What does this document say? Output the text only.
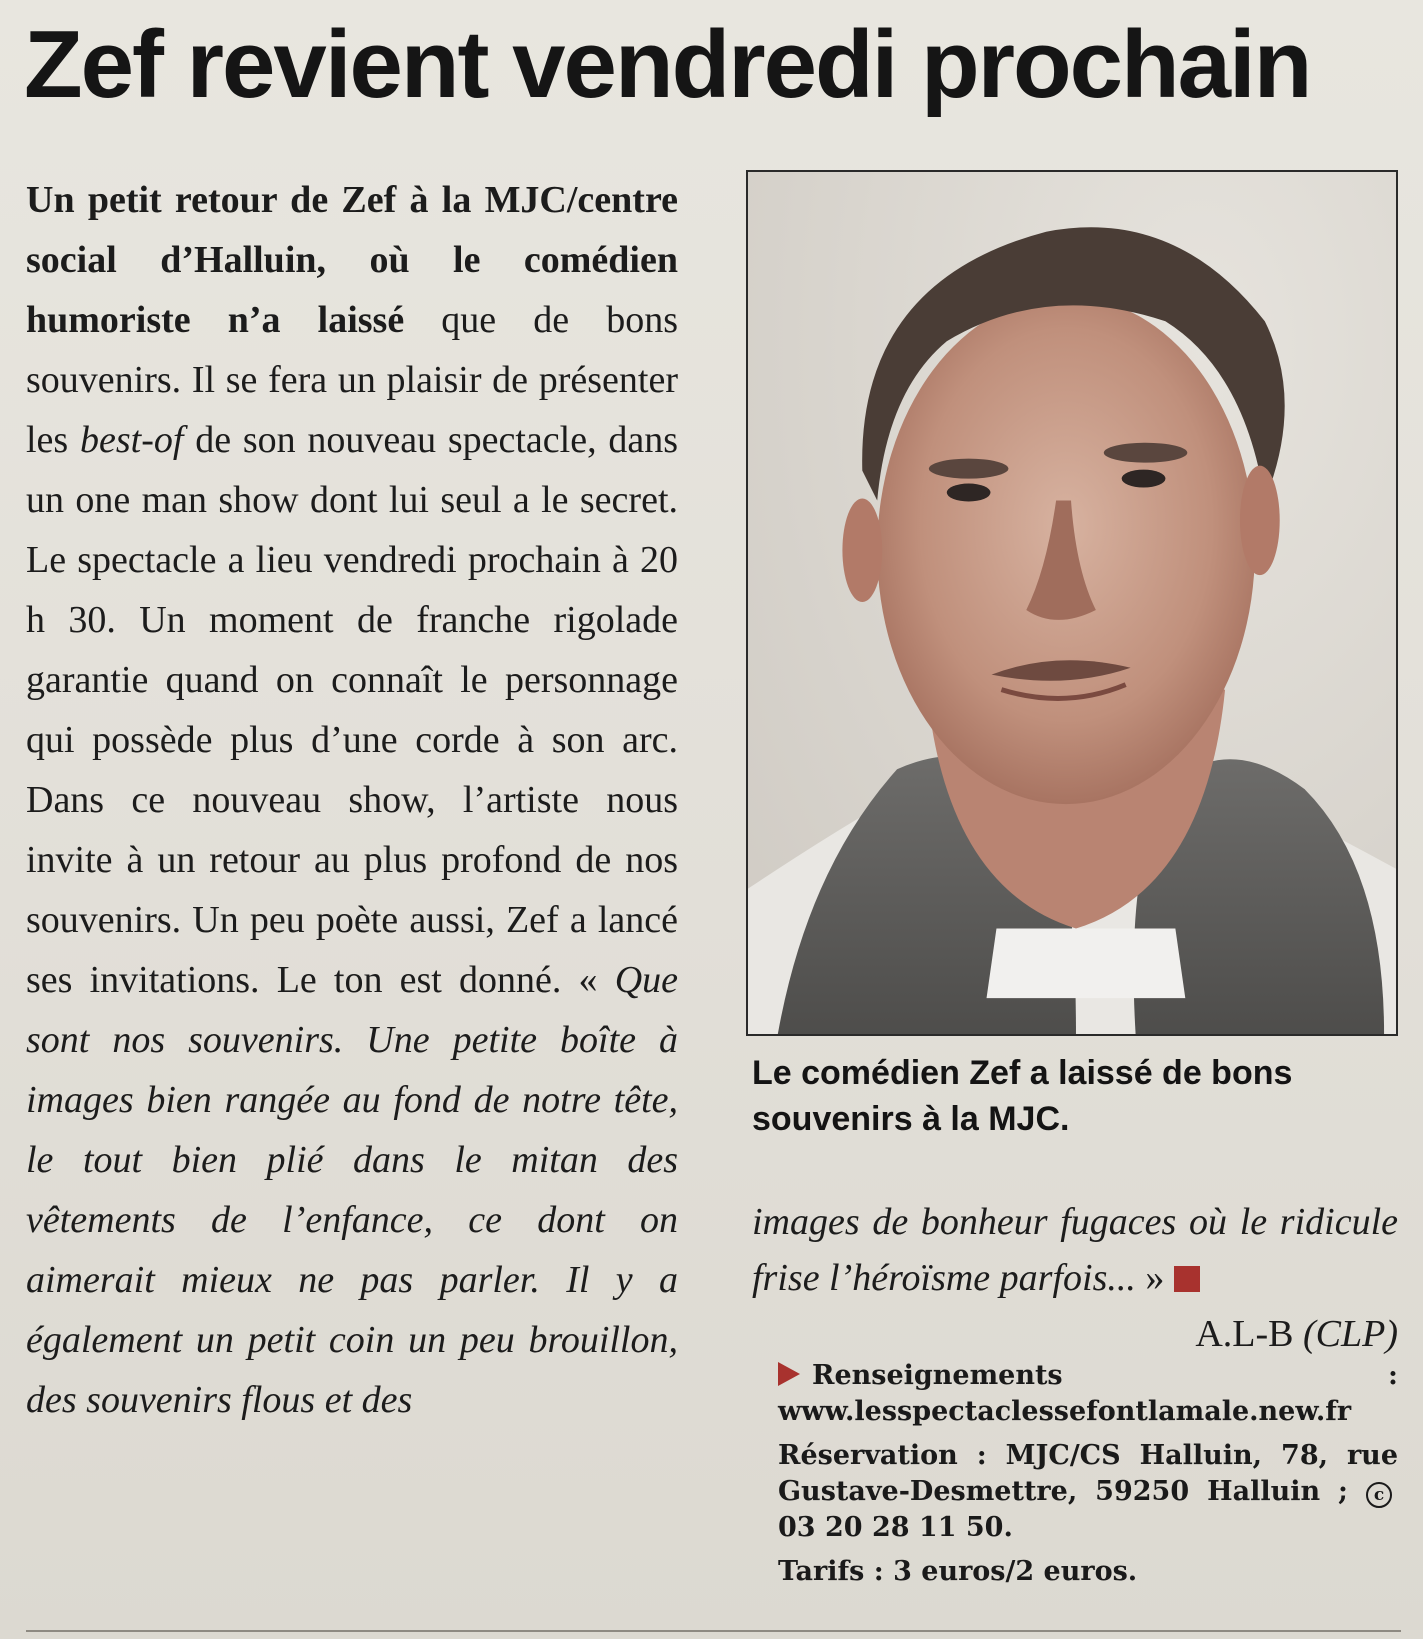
Zef revient vendredi prochain

Un petit retour de Zef à la MJC/centre social d’Halluin, où le comédien humoriste n’a laissé que de bons souvenirs. Il se fera un plaisir de présenter les best-of de son nouveau spectacle, dans un one man show dont lui seul a le secret. Le spectacle a lieu vendredi prochain à 20 h 30. Un moment de franche rigolade garantie quand on connaît le personnage qui possède plus d’une corde à son arc. Dans ce nouveau show, l’artiste nous invite à un retour au plus profond de nos souvenirs. Un peu poète aussi, Zef a lancé ses invitations. Le ton est donné. « Que sont nos souvenirs. Une petite boîte à images bien rangée au fond de notre tête, le tout bien plié dans le mitan des vêtements de l’enfance, ce dont on aimerait mieux ne pas parler. Il y a également un petit coin un peu brouillon, des souvenirs flous et des

Le comédien Zef a laissé de bons souvenirs à la MJC.

images de bonheur fugaces où le ridicule frise l’héroïsme parfois... »

A.L-B (CLP)

Renseignements : www.lesspectaclessefontlamale.new.fr

Réservation : MJC/CS Halluin, 78, rue Gustave-Desmettre, 59250 Halluin ; c03 20 28 11 50.

Tarifs : 3 euros/2 euros.
